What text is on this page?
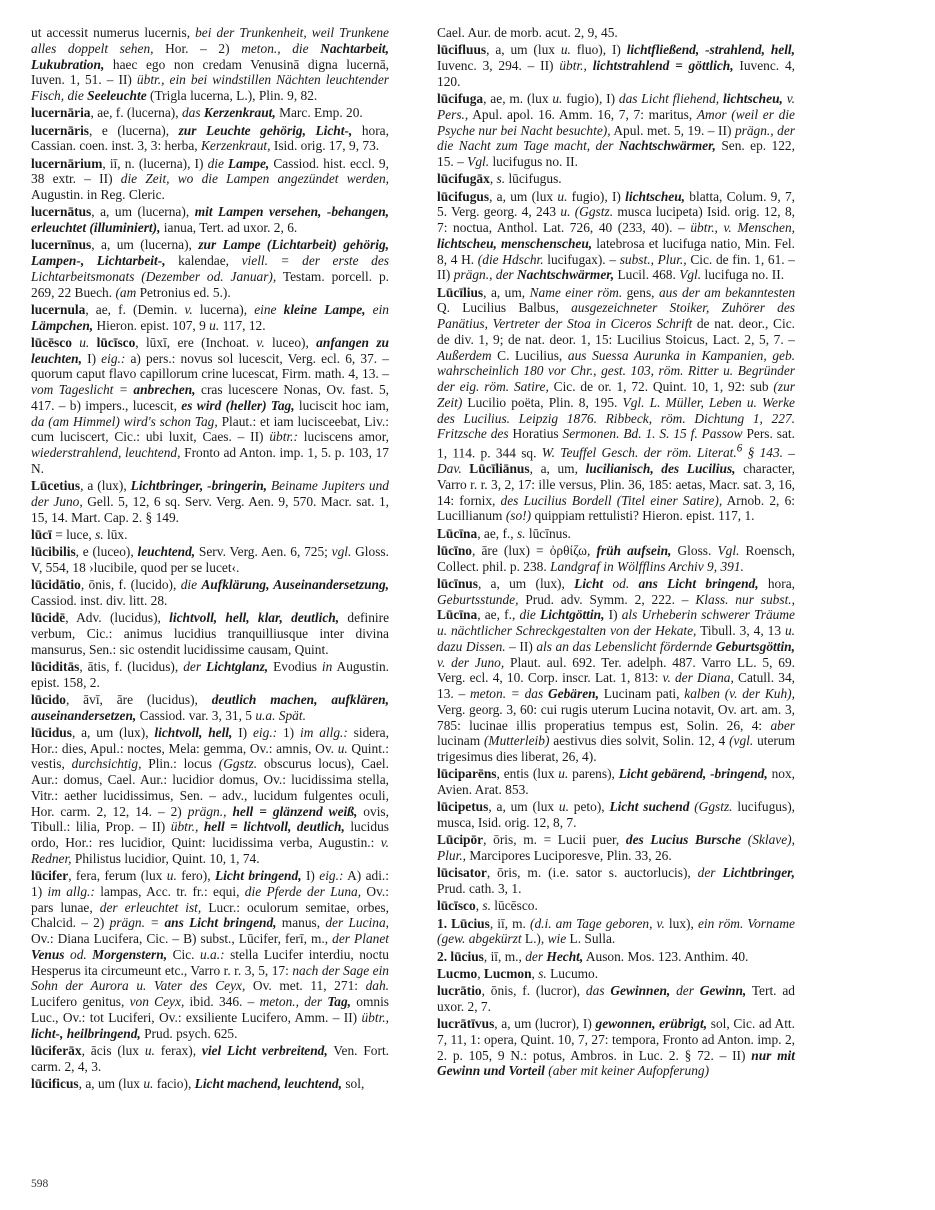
ut accessit numerus lucernis, bei der Trunkenheit, weil Trunkene alles doppelt sehen, Hor. – 2) meton., die Nachtarbeit, Lukubration, haec ego non credam Venusinā digna lucernā, Iuven. 1, 51. – II) übtr., ein bei windstillen Nächten leuchtender Fisch, die Seeleuchte (Trigla lucerna, L.), Plin. 9, 82.
lucernāria, ae, f. (lucerna), das Kerzenkraut, Marc. Emp. 20.
lucernāris, e (lucerna), zur Leuchte gehörig, Licht-, hora, Cassian. coen. inst. 3, 3: herba, Kerzenkraut, Isid. orig. 17, 9, 73.
lucernārium, iī, n. (lucerna), I) die Lampe, Cassiod. hist. eccl. 9, 38 extr. – II) die Zeit, wo die Lampen angezündet werden, Augustin. in Reg. Cleric.
lucernātus, a, um (lucerna), mit Lampen versehen, -behangen, erleuchtet (illuminiert), ianua, Tert. ad uxor. 2, 6.
lucernīnus, a, um (lucerna), zur Lampe (Lichtarbeit) gehörig, Lampen-, Lichtarbeit-, kalendae, viell. = der erste des Lichtarbeitsmonats (Dezember od. Januar), Testam. porcell. p. 269, 22 Buech. (am Petronius ed. 5.).
lucernula, ae, f. (Demin. v. lucerna), eine kleine Lampe, ein Lämpchen, Hieron. epist. 107, 9 u. 117, 12.
lūcēsco u. lūcīsco, lūxī, ere (Inchoat. v. luceo), anfangen zu leuchten, I) eig.: a) pers.: novus sol lucescit, Verg. ecl. 6, 37. – quorum caput flavo capillorum crine lucescat, Firm. math. 4, 13. – vom Tageslicht = anbrechen, cras lucescere Nonas, Ov. fast. 5, 417. – b) impers., lucescit, es wird (heller) Tag, luciscit hoc iam, da (am Himmel) wird's schon Tag, Plaut.: et iam lucisceebat, Liv.: cum luciscert, Cic.: ubi luxit, Caes. – II) übtr.: luciscens amor, wiederstrahlend, leuchtend, Fronto ad Anton. imp. 1, 5. p. 103, 17 N.
Lūcetius, a (lux), Lichtbringer, -bringerin, Beiname Jupiters und der Juno, Gell. 5, 12, 6 sq. Serv. Verg. Aen. 9, 570. Macr. sat. 1, 15, 14. Mart. Cap. 2. § 149.
lūcī = luce, s. lūx.
lūcibilis, e (luceo), leuchtend, Serv. Verg. Aen. 6, 725; vgl. Gloss. V, 554, 18 ›lucibile, quod per se lucet‹.
lūcidātio, ōnis, f. (lucido), die Aufklärung, Auseinandersetzung, Cassiod. inst. div. litt. 28.
lūcidē, Adv. (lucidus), lichtvoll, hell, klar, deutlich, definire verbum, Cic.: animus lucidius tranquilliusque inter divina mansurus, Sen.: sic ostendit lucidissime causam, Quint.
lūciditās, ātis, f. (lucidus), der Lichtglanz, Evodius in Augustin. epist. 158, 2.
lūcido, āvī, āre (lucidus), deutlich machen, aufklären, auseinandersetzen, Cassiod. var. 3, 31, 5 u.a. Spät.
lūcidus, a, um (lux), lichtvoll, hell, I) eig.: 1) im allg.: sidera, Hor.: dies, Apul.: noctes, Mela: gemma, Ov.: amnis, Ov. u. Quint.: vestis, durchsichtig, Plin.: locus (Ggstz. obscurus locus), Cael. Aur.: domus, Cael. Aur.: lucidior domus, Ov.: lucidissima stella, Vitr.: aether lucidissimus, Sen. – adv., lucidum fulgentes oculi, Hor. carm. 2, 12, 14. – 2) prägn., hell = glänzend weiß, ovis, Tibull.: lilia, Prop. – II) übtr., hell = lichtvoll, deutlich, lucidus ordo, Hor.: res lucidior, Quint: lucidissima verba, Augustin.: v. Redner, Philistus lucidior, Quint. 10, 1, 74.
lūcifer, fera, ferum (lux u. fero), Licht bringend, I) eig.: A) adi.: 1) im allg.: lampas, Acc. tr. fr.: equi, die Pferde der Luna, Ov.: pars lunae, der erleuchtet ist, Lucr.: oculorum semitae, orbes, Chalcid. – 2) prägn. = ans Licht bringend, manus, der Lucina, Ov.: Diana Lucifera, Cic. – B) subst., Lūcifer, ferī, m., der Planet Venus od. Morgenstern, Cic. u.a.: stella Lucifer interdiu, noctu Hesperus ita circumeunt etc., Varro r. r. 3, 5, 17: nach der Sage ein Sohn der Aurora u. Vater des Ceyx, Ov. met. 11, 271: dah. Lucifero genitus, von Ceyx, ibid. 346. – meton., der Tag, omnis Luc., Ov.: tot Luciferi, Ov.: exsiliente Lucifero, Amm. – II) übtr., licht-, heilbringend, Prud. psych. 625.
lūciferāx, ācis (lux u. ferax), viel Licht verbreitend, Ven. Fort. carm. 2, 4, 3.
lūcificus, a, um (lux u. facio), Licht machend, leuchtend, sol,
Cael. Aur. de morb. acut. 2, 9, 45.
lūcifluus, a, um (lux u. fluo), I) lichtfließend, -strahlend, hell, Iuvenc. 3, 294. – II) übtr., lichtstrahlend = göttlich, Iuvenc. 4, 120.
lūcifuga, ae, m. (lux u. fugio), I) das Licht fliehend, lichtscheu, v. Pers., Apul. apol. 16. Amm. 16, 7, 7: maritus, Amor (weil er die Psyche nur bei Nacht besuchte), Apul. met. 5, 19. – II) prägn., der die Nacht zum Tage macht, der Nachtschwärmer, Sen. ep. 122, 15. – Vgl. lucifugus no. II.
lūcifugāx, s. lūcifugus.
lūcifugus, a, um (lux u. fugio), I) lichtscheu, blatta, Colum. 9, 7, 5. Verg. georg. 4, 243 u. (Ggstz. musca lucipeta) Isid. orig. 12, 8, 7: noctua, Anthol. Lat. 726, 40 (233, 40). – übtr., v. Menschen, lichtscheu, menschenscheu, latebrosa et lucifuga natio, Min. Fel. 8, 4 H. (die Hdschr. lucifugax). – subst., Plur., Cic. de fin. 1, 61. – II) prägn., der Nachtschwärmer, Lucil. 468. Vgl. lucifuga no. II.
Lūcīlius, a, um, Name einer röm. gens, aus der am bekanntesten Q. Lucilius Balbus, ausgezeichneter Stoiker, Zuhörer des Panätius, Vertreter der Stoa in Ciceros Schrift de nat. deor., Cic. de div. 1, 9; de nat. deor. 1, 15: Lucilius Stoicus, Lact. 2, 5, 7. – Außerdem C. Lucilius, aus Suessa Aurunka in Kampanien, geb. wahrscheinlich 180 vor Chr., gest. 103, röm. Ritter u. Begründer der eig. röm. Satire, Cic. de or. 1, 72. Quint. 10, 1, 92: sub (zur Zeit) Lucilio poëta, Plin. 8, 195. Vgl. L. Müller, Leben u. Werke des Lucilius. Leipzig 1876. Ribbeck, röm. Dichtung 1, 227. Fritzsche des Horatius Sermonen. Bd. 1. S. 15 f. Passow Pers. sat. 1, 114. p. 344 sq. W. Teuffel Gesch. der röm. Literat.$^6$ § 143. – Dav. Lūcīliānus, a, um, lucilianisch, des Lucilius, character, Varro r. r. 3, 2, 17: ille versus, Plin. 36, 185: aetas, Macr. sat. 3, 16, 14: fornix, des Lucilius Bordell (Titel einer Satire), Arnob. 2, 6: Lucillianum (so!) quippiam rettulisti? Hieron. epist. 117, 1.
Lūcīna, ae, f., s. lūcīnus.
lūcīno, āre (lux) = ὀρθίζω, früh aufsein, Gloss. Vgl. Roensch, Collect. phil. p. 238. Landgraf in Wölfflins Archiv 9, 391.
lūcīnus, a, um (lux), Licht od. ans Licht bringend, hora, Geburtsstunde, Prud. adv. Symm. 2, 222. – Klass. nur subst., Lūcīna, ae, f., die Lichtgöttin, I) als Urheberin schwerer Träume u. nächtlicher Schreckgestalten von der Hekate, Tibull. 3, 4, 13 u. dazu Dissen. – II) als an das Lebenslicht fördernde Geburtsgöttin, v. der Juno, Plaut. aul. 692. Ter. adelph. 487. Varro LL. 5, 69. Verg. ecl. 4, 10. Corp. inscr. Lat. 1, 813: v. der Diana, Catull. 34, 13. – meton. = das Gebären, Lucinam pati, kalben (v. der Kuh), Verg. georg. 3, 60: cui rugis uterum Lucina notavit, Ov. art. am. 3, 785: lucinae illis properatius tempus est, Solin. 26, 4: aber lucinam (Mutterleib) aestivus dies solvit, Solin. 12, 4 (vgl. uterum trigesimus dies liberat, 26, 4).
lūciparēns, entis (lux u. parens), Licht gebärend, -bringend, nox, Avien. Arat. 853.
lūcipetus, a, um (lux u. peto), Licht suchend (Ggstz. lucifugus), musca, Isid. orig. 12, 8, 7.
Lūcipōr, ōris, m. = Lucii puer, des Lucius Bursche (Sklave), Plur., Marcipores Luciporesve, Plin. 33, 26.
lūcisator, ōris, m. (i.e. sator s. auctorlucis), der Lichtbringer, Prud. cath. 3, 1.
lūcīsco, s. lūcēsco.
1. Lūcius, iī, m. (d.i. am Tage geboren, v. lux), ein röm. Vorname (gew. abgekürzt L.), wie L. Sulla.
2. lūcius, iī, m., der Hecht, Auson. Mos. 123. Anthim. 40.
Lucmo, Lucmon, s. Lucumo.
lucrātio, ōnis, f. (lucror), das Gewinnen, der Gewinn, Tert. ad uxor. 2, 7.
lucrātīvus, a, um (lucror), I) gewonnen, erübrigt, sol, Cic. ad Att. 7, 11, 1: opera, Quint. 10, 7, 27: tempora, Fronto ad Anton. imp. 2, 2. p. 105, 9 N.: potus, Ambros. in Luc. 2. § 72. – II) nur mit Gewinn und Vorteil (aber mit keiner Aufopferung)
598
